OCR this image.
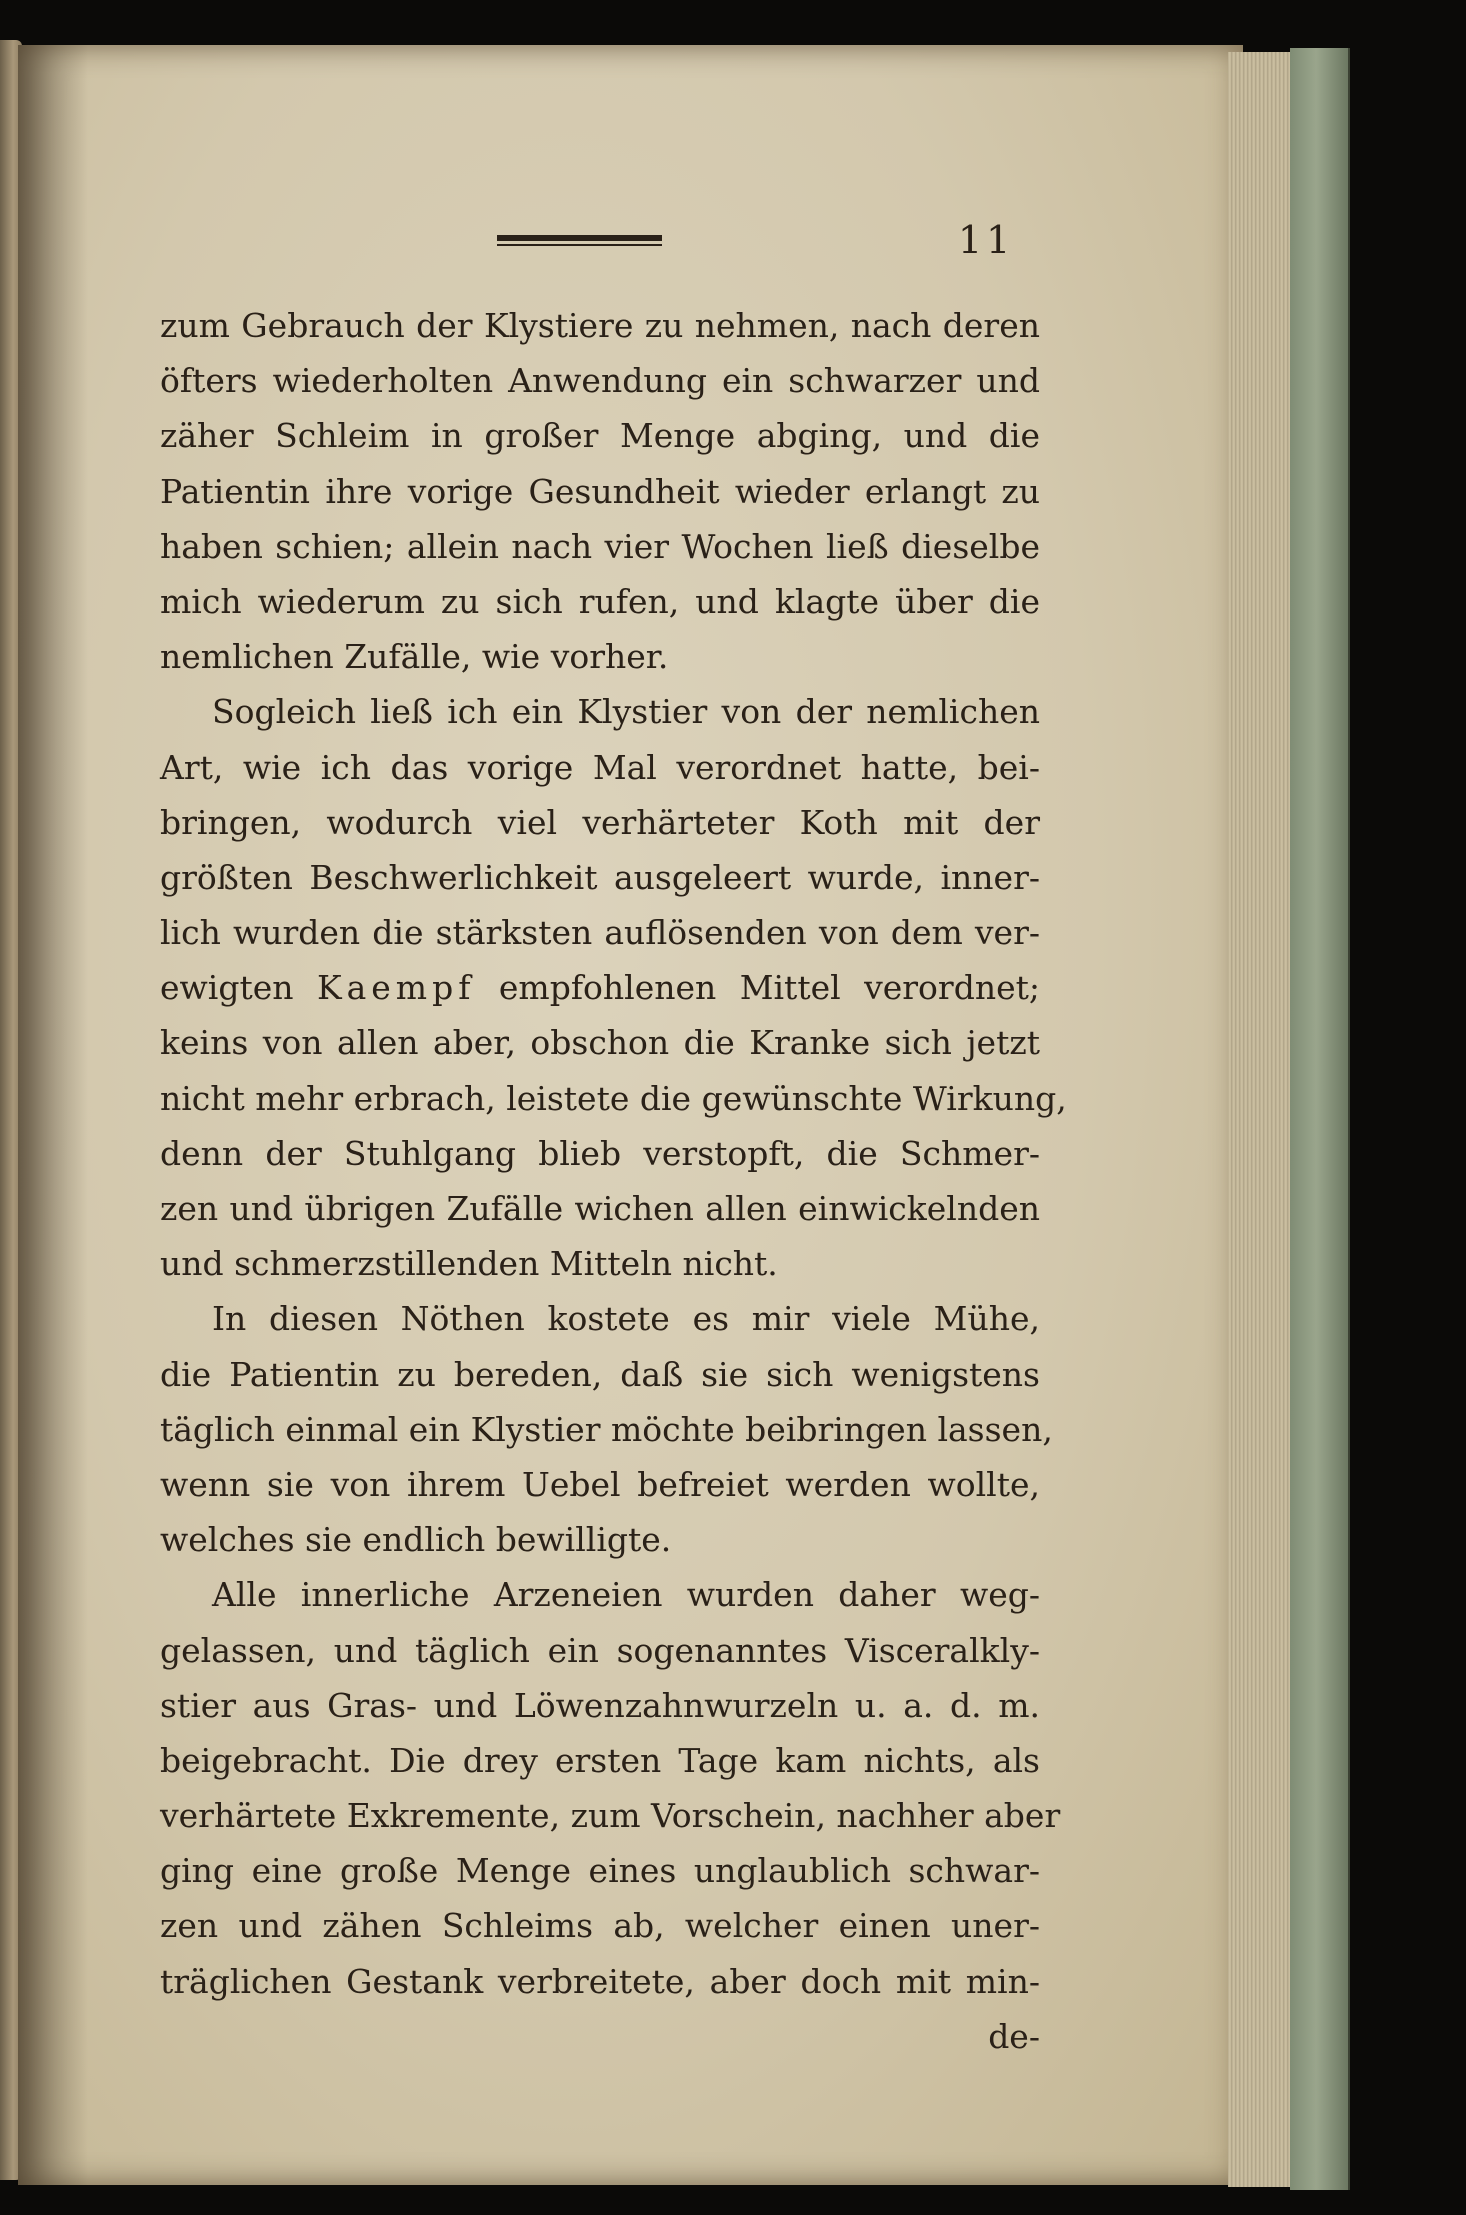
11
zum Gebrauch der Klystiere zu nehmen, nach deren
öfters wiederholten Anwendung ein schwarzer und
zäher Schleim in großer Menge abging, und die
Patientin ihre vorige Gesundheit wieder erlangt zu
haben schien; allein nach vier Wochen ließ dieselbe
mich wiederum zu sich rufen, und klagte über die
nemlichen Zufälle, wie vorher.
Sogleich ließ ich ein Klystier von der nemlichen
Art, wie ich das vorige Mal verordnet hatte, bei-
bringen, wodurch viel verhärteter Koth mit der
größten Beschwerlichkeit ausgeleert wurde, inner-
lich wurden die stärksten auflösenden von dem ver-
ewigten Kaempf empfohlenen Mittel verordnet;
keins von allen aber, obschon die Kranke sich jetzt
nicht mehr erbrach, leistete die gewünschte Wirkung,
denn der Stuhlgang blieb verstopft, die Schmer-
zen und übrigen Zufälle wichen allen einwickelnden
und schmerzstillenden Mitteln nicht.
In diesen Nöthen kostete es mir viele Mühe,
die Patientin zu bereden, daß sie sich wenigstens
täglich einmal ein Klystier möchte beibringen lassen,
wenn sie von ihrem Uebel befreiet werden wollte,
welches sie endlich bewilligte.
Alle innerliche Arzeneien wurden daher weg-
gelassen, und täglich ein sogenanntes Visceralkly-
stier aus Gras- und Löwenzahnwurzeln u. a. d. m.
beigebracht. Die drey ersten Tage kam nichts, als
verhärtete Exkremente, zum Vorschein, nachher aber
ging eine große Menge eines unglaublich schwar-
zen und zähen Schleims ab, welcher einen uner-
träglichen Gestank verbreitete, aber doch mit min-
de-
